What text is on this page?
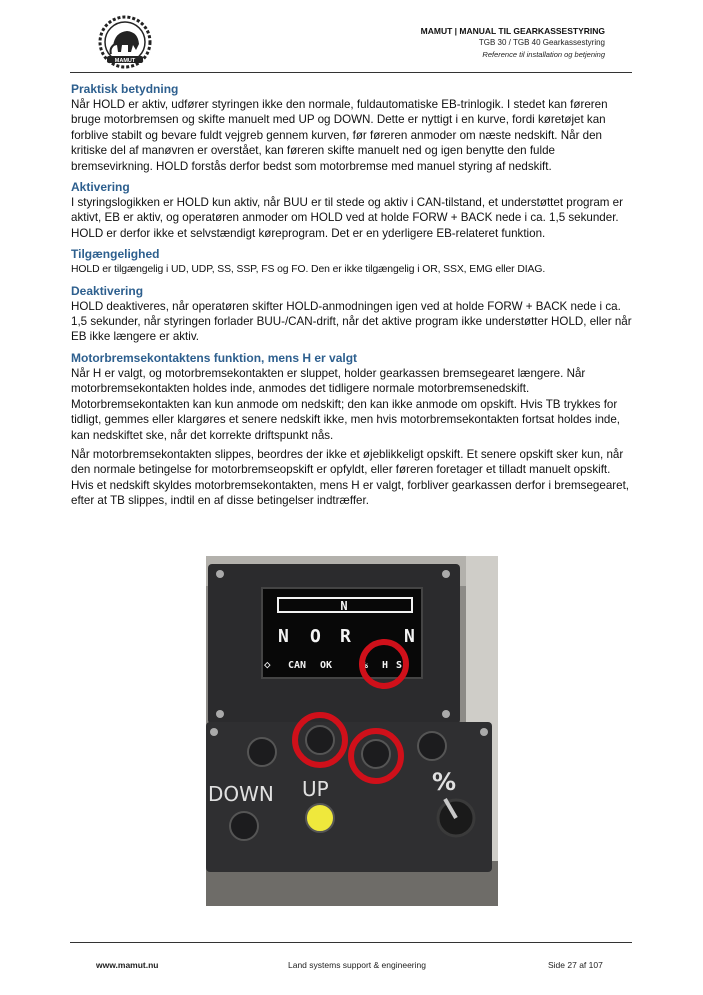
MAMUT
MAMUT | MANUAL TIL GEARKASSESTYRING
TGB 30 / TGB 40 Gearkassestyring
Reference til installation og betjening
Praktisk betydning

Når HOLD er aktiv, udfører styringen ikke den normale, fuldautomatiske EB-trinlogik. I stedet kan føreren bruge motorbremsen og skifte manuelt med UP og DOWN. Dette er nyttigt i en kurve, fordi køretøjet kan forblive stabilt og bevare fuldt vejgreb gennem kurven, før føreren anmoder om næste nedskift. Når den kritiske del af manøvren er overstået, kan føreren skifte manuelt ned og igen benytte den fulde bremsevirkning. HOLD forstås derfor bedst som motorbremse med manuel styring af nedskift.

Aktivering

I styringslogikken er HOLD kun aktiv, når BUU er til stede og aktiv i CAN-tilstand, et understøttet program er aktivt, EB er aktiv, og operatøren anmoder om HOLD ved at holde FORW + BACK nede i ca. 1,5 sekunder. HOLD er derfor ikke et selvstændigt køreprogram. Det er en yderligere EB-relateret funktion.

Tilgængelighed

HOLD er tilgængelig i UD, UDP, SS, SSP, FS og FO. Den er ikke tilgængelig i OR, SSX, EMG eller DIAG.

Deaktivering

HOLD deaktiveres, når operatøren skifter HOLD-anmodningen igen ved at holde FORW + BACK nede i ca. 1,5 sekunder, når styringen forlader BUU-/CAN-drift, når det aktive program ikke understøtter HOLD, eller når EB ikke længere er aktiv.

Motorbremsekontaktens funktion, mens H er valgt

Når H er valgt, og motorbremsekontakten er sluppet, holder gearkassen bremsegearet længere. Når motorbremsekontakten holdes inde, anmodes det tidligere normale motorbremsenedskift. Motorbremsekontakten kan kun anmode om nedskift; den kan ikke anmode om opskift. Hvis TB trykkes for tidligt, gemmes eller klargøres et senere nedskift ikke, men hvis motorbremsekontakten fortsat holdes inde, kan nedskiftet ske, når det korrekte driftspunkt nås.

Når motorbremsekontakten slippes, beordres der ikke et øjeblikkeligt opskift. Et senere opskift sker kun, når den normale betingelse for motorbremseopskift er opfyldt, eller føreren foretager et tilladt manuelt opskift. Hvis et nedskift skyldes motorbremsekontakten, mens H er valgt, forbliver gearkassen derfor i bremsegearet, efter at TB slippes, indtil en af disse betingelser indtræffer.

N
N O R	N
◇ CAN OK	% H S
DOWN UP	%
www.mamut.nu	Land systems support & engineering	Side 27 af 107
